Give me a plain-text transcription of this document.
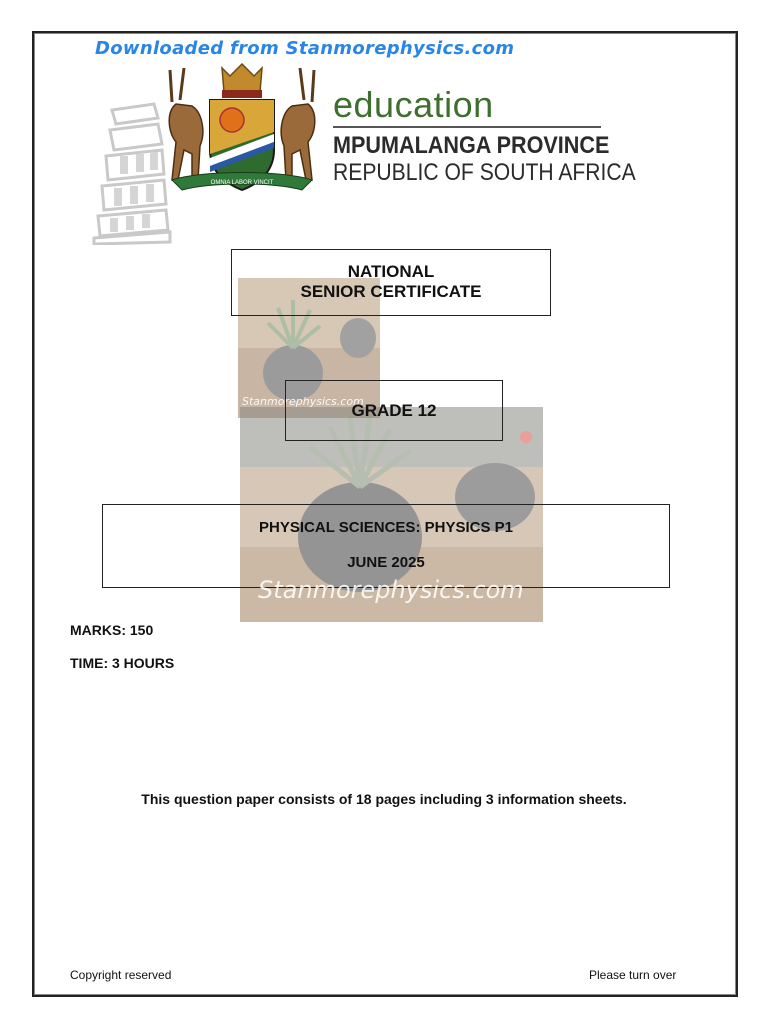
Downloaded from Stanmorephysics.com
OMNIA LABOR VINCIT
education
MPUMALANGA PROVINCE
REPUBLIC OF SOUTH AFRICA
Stanmorephysics.com
NATIONAL
SENIOR CERTIFICATE
GRADE 12
PHYSICAL SCIENCES: PHYSICS P1
JUNE 2025
Stanmorephysics.com
MARKS: 150
TIME: 3 HOURS
This question paper consists of 18 pages including 3 information sheets.
Copyright reserved	Please turn over
